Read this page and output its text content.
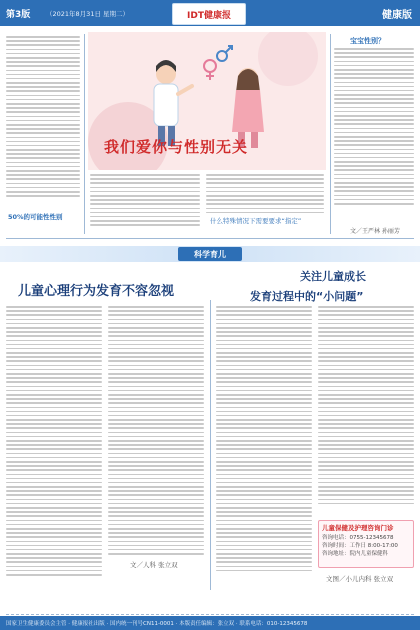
第3版 （2021年8月31日 星期二）	IDT健康报	健康版
50%的可能性性别
我们爱你与性别无关
什么特殊情况下需要要求“指定”
宝宝性别？
文／王严林 孙丽芳
科学育儿
儿童心理行为发育不容忽视
关注儿童成长
发育过程中的“小问题”
文／人科 张立双
儿童保健及护理咨询门诊
咨询电话：0755-12345678
咨询时间：工作日 8:00-17:00
咨询地址：院内儿童保健科
文图／小儿内科 张立双
国家卫生健康委员会主管 · 健康报社出版 · 国内统一刊号CN11-0001 · 本版责任编辑：张立双 · 联系电话：010-12345678
